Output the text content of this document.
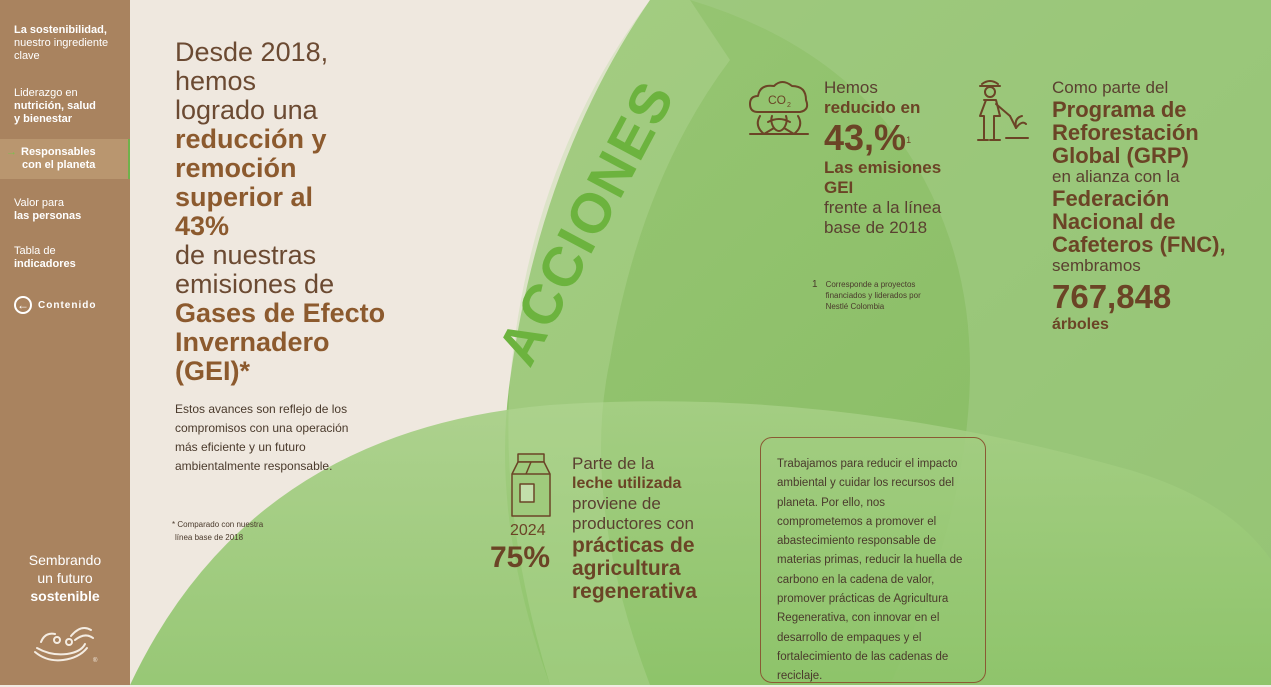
La sostenibilidad,
nuestro ingrediente
clave
Liderazgo en
nutrición, salud
y bienestar
→ Responsables
con el planeta
Valor para
las personas
Tabla de
indicadores
← Contenido
Sembrando
un futuro
sostenible
®
Desde 2018,
hemos
logrado una
reducción y
remoción
superior al
43%
de nuestras
emisiones de
Gases de Efecto
Invernadero
(GEI)*
Estos avances son reflejo de los compromisos con una operación más eficiente y un futuro ambientalmente responsable.
* Comparado con nuestra
línea base de 2018
ACCIONES	CO 2
Hemos
reducido en
43,%$^1$
Las emisiones
GEI
frente a la línea base de 2018
1 Corresponde a proyectos financiados y liderados por Nestlé Colombia
Como parte del
Programa de
Reforestación
Global (GRP)
en alianza con la
Federación
Nacional de
Cafeteros (FNC),
sembramos
767,848
árboles
2024
75%
Parte de la
leche utilizada
proviene de
productores con
prácticas de
agricultura
regenerativa
Trabajamos para reducir el impacto ambiental y cuidar los recursos del planeta. Por ello, nos comprometemos a promover el abastecimiento responsable de materias primas, reducir la huella de carbono en la cadena de valor, promover prácticas de Agricultura Regenerativa, con innovar en el desarrollo de empaques y el fortalecimiento de las cadenas de reciclaje.
